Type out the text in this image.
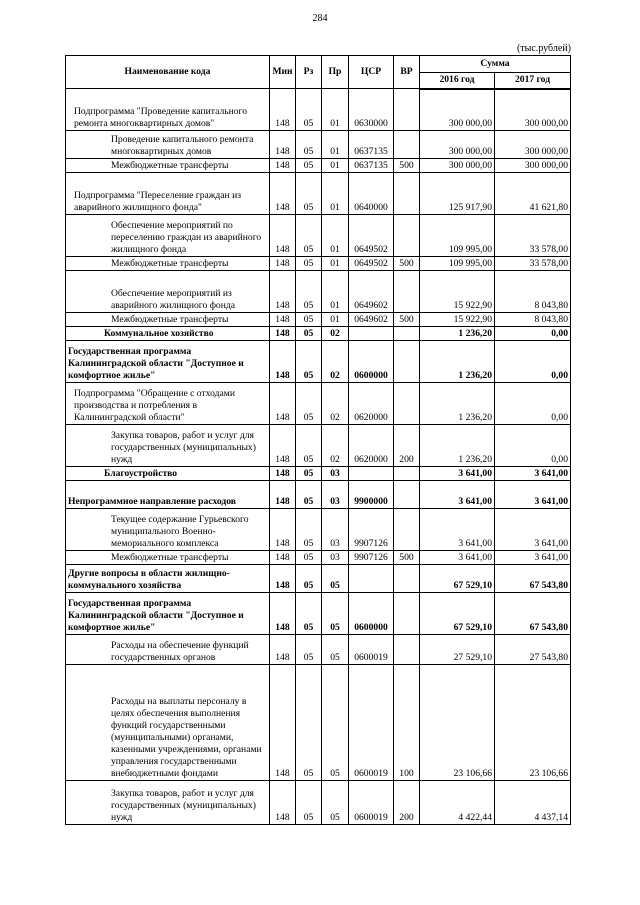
284
(тыс.рублей)
Наименование кода	Мин	Рз	Пр	ЦСР	ВР	Сумма	
						2016 год	2017 год
Подпрограмма "Проведение капитального ремонта многоквартирных домов"	148	05	01	0630000		300 000,00	300 000,00
Проведение капитального ремонта многоквартирных домов	148	05	01	0637135		300 000,00	300 000,00
Межбюджетные трансферты	148	05	01	0637135	500	300 000,00	300 000,00
Подпрограмма "Переселение граждан из аварийного жилищного фонда"	148	05	01	0640000		125 917,90	41 621,80
Обеспечение мероприятий по переселению граждан из аварийного жилищного фонда	148	05	01	0649502		109 995,00	33 578,00
Межбюджетные трансферты	148	05	01	0649502	500	109 995,00	33 578,00
Обеспечение мероприятий из аварийного жилищного фонда	148	05	01	0649602		15 922,90	8 043,80
Межбюджетные трансферты	148	05	01	0649602	500	15 922,90	8 043,80
Коммунальное хозяйство	148	05	02			1 236,20	0,00
Государственная программа Калининградской области "Доступное и комфортное жилье"	148	05	02	0600000		1 236,20	0,00
Подпрограмма "Обращение с отходами производства и потребления в Калининградской области"	148	05	02	0620000		1 236,20	0,00
Закупка товаров, работ и услуг для государственных (муниципальных) нужд	148	05	02	0620000	200	1 236,20	0,00
Благоустройство	148	05	03			3 641,00	3 641,00
Непрограммное направление расходов	148	05	03	9900000		3 641,00	3 641,00
Текущее содержание Гурьевского муниципального Военно-мемориального комплекса	148	05	03	9907126		3 641,00	3 641,00
Межбюджетные трансферты	148	05	03	9907126	500	3 641,00	3 641,00
Другие вопросы в области жилищно-коммунального хозяйства	148	05	05			67 529,10	67 543,80
Государственная программа Калининградской области "Доступное и комфортное жилье"	148	05	05	0600000		67 529,10	67 543,80
Расходы на обеспечение функций государственных органов	148	05	05	0600019		27 529,10	27 543,80
Расходы на выплаты персоналу в целях обеспечения выполнения функций государственными (муниципальными) органами, казенными учреждениями, органами управления государственными внебюджетными фондами	148	05	05	0600019	100	23 106,66	23 106,66
Закупка товаров, работ и услуг для государственных (муниципальных) нужд	148	05	05	0600019	200	4 422,44	4 437,14
